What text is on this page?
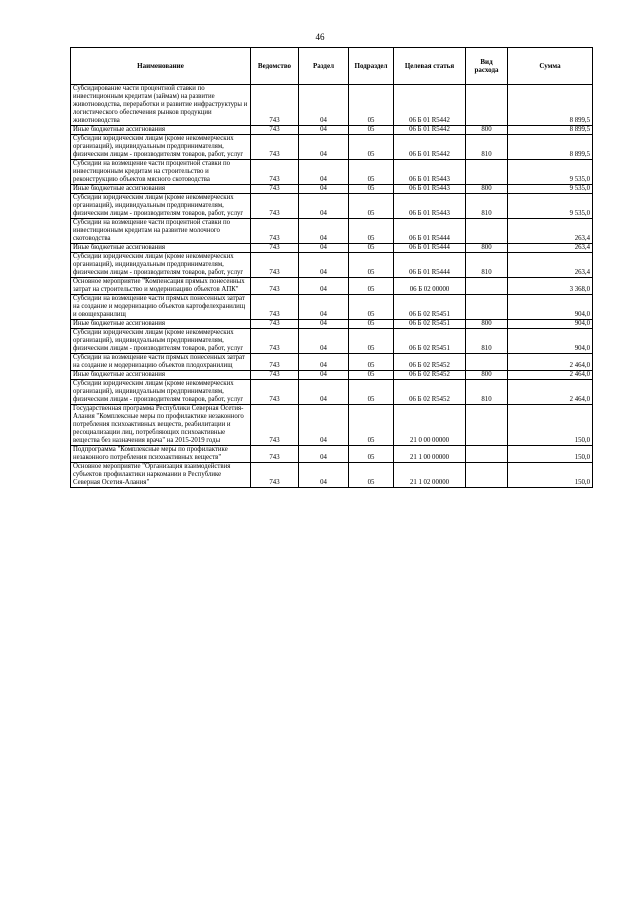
46
Наименование	Ведомство	Раздел	Подраздел	Целевая статья	Вид расхода	Сумма
Субсидирование части процентной ставки по инвестиционным кредитам (займам) на развитие животноводства, переработки и развитие инфраструктуры и логистического обеспечения рынков продукции животноводства	743	04	05	06 Б 01 R5442		8 899,5
Иные бюджетные ассигнования	743	04	05	06 Б 01 R5442	800	8 899,5
Субсидии юридическим лицам (кроме некоммерческих организаций), индивидуальным предпринимателям, физическим лицам - производителям товаров, работ, услуг	743	04	05	06 Б 01 R5442	810	8 899,5
Субсидии на возмещение части процентной ставки по инвестиционным кредитам на строительство и реконструкцию объектов мясного скотоводства	743	04	05	06 Б 01 R5443		9 535,0
Иные бюджетные ассигнования	743	04	05	06 Б 01 R5443	800	9 535,0
Субсидии юридическим лицам (кроме некоммерческих организаций), индивидуальным предпринимателям, физическим лицам - производителям товаров, работ, услуг	743	04	05	06 Б 01 R5443	810	9 535,0
Субсидии на возмещение части процентной ставки по инвестиционным кредитам на развитие молочного скотоводства	743	04	05	06 Б 01 R5444		263,4
Иные бюджетные ассигнования	743	04	05	06 Б 01 R5444	800	263,4
Субсидии юридическим лицам (кроме некоммерческих организаций), индивидуальным предпринимателям, физическим лицам - производителям товаров, работ, услуг	743	04	05	06 Б 01 R5444	810	263,4
Основное мероприятие "Компенсация прямых понесенных затрат на строительство и модернизацию объектов АПК"	743	04	05	06 Б 02 00000		3 368,0
Субсидии на возмещение части прямых понесенных затрат на создание и модернизацию объектов картофелехранилищ и овощехранилищ	743	04	05	06 Б 02 R5451		904,0
Иные бюджетные ассигнования	743	04	05	06 Б 02 R5451	800	904,0
Субсидии юридическим лицам (кроме некоммерческих организаций), индивидуальным предпринимателям, физическим лицам - производителям товаров, работ, услуг	743	04	05	06 Б 02 R5451	810	904,0
Субсидии на возмещение части прямых понесенных затрат на создание и модернизацию объектов плодохранилищ	743	04	05	06 Б 02 R5452		2 464,0
Иные бюджетные ассигнования	743	04	05	06 Б 02 R5452	800	2 464,0
Субсидии юридическим лицам (кроме некоммерческих организаций), индивидуальным предпринимателям, физическим лицам - производителям товаров, работ, услуг	743	04	05	06 Б 02 R5452	810	2 464,0
Государственная программа Республики Северная Осетия-Алания "Комплексные меры по профилактике незаконного потребления психоактивных веществ, реабилитации и ресоциализации лиц, потребляющих психоактивные вещества без назначения врача" на 2015-2019 годы	743	04	05	21 0 00 00000		150,0
Подпрограмма "Комплексные меры по профилактике незаконного потребления психоактивных веществ"	743	04	05	21 1 00 00000		150,0
Основное мероприятие "Организация взаимодействия субъектов профилактики наркомании в Республике Северная Осетия-Алания"	743	04	05	21 1 02 00000		150,0
